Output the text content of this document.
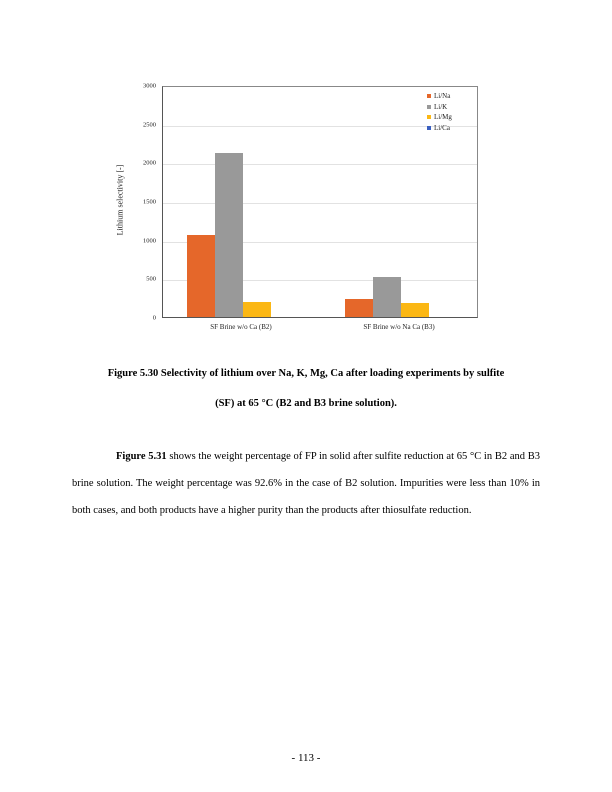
Lithium selectivity [-]
0
500
1000
1500
2000
2500
3000
SF Brine w/o Ca (B2)	SF Brine w/o Na Ca (B3)
Li/Na
Li/K
Li/Mg
Li/Ca
Figure 5.30 Selectivity of lithium over Na, K, Mg, Ca after loading experiments by sulfite
(SF) at 65 °C (B2 and B3 brine solution).
Figure 5.31 shows the weight percentage of FP in solid after sulfite reduction at 65 °C in B2 and B3 brine solution. The weight percentage was 92.6% in the case of B2 solution. Impurities were less than 10% in both cases, and both products have a higher purity than the products after thiosulfate reduction.
- 113 -
